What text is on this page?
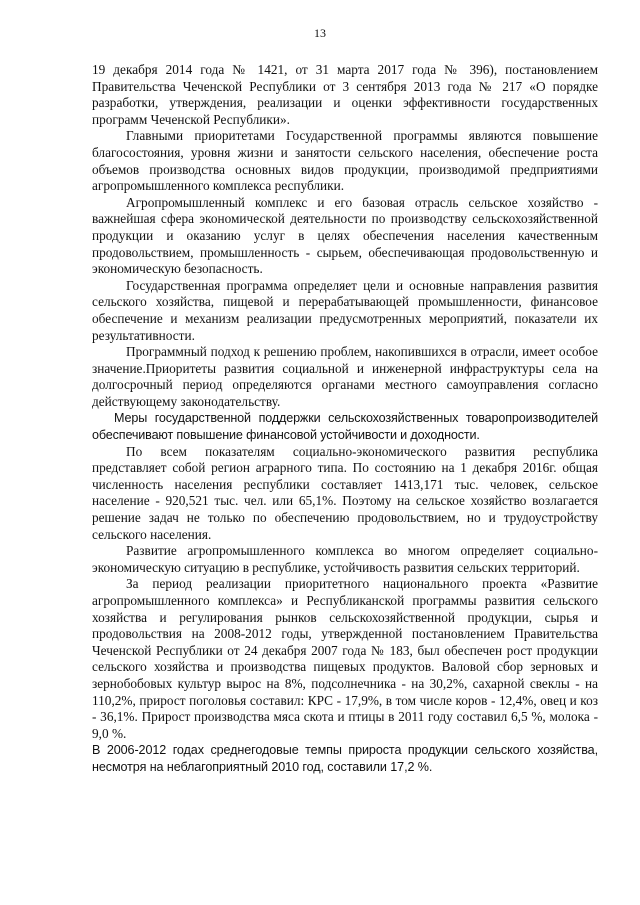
13

19 декабря 2014 года № 1421, от 31 марта 2017 года № 396), постановлением Правительства Чеченской Республики от 3 сентября 2013 года № 217 «О порядке разработки, утверждения, реализации и оценки эффективности государственных программ Чеченской Республики».

Главными приоритетами Государственной программы являются повышение благосостояния, уровня жизни и занятости сельского населения, обеспечение роста объемов производства основных видов продукции, производимой предприятиями агропромышленного комплекса республики.

Агропромышленный комплекс и его базовая отрасль сельское хозяйство - важнейшая сфера экономической деятельности по производству сельскохозяйственной продукции и оказанию услуг в целях обеспечения населения качественным продовольствием, промышленность - сырьем, обеспечивающая продовольственную и экономическую безопасность.

Государственная программа определяет цели и основные направления развития сельского хозяйства, пищевой и перерабатывающей промышленности, финансовое обеспечение и механизм реализации предусмотренных мероприятий, показатели их результативности.

Программный подход к решению проблем, накопившихся в отрасли, имеет особое значение.Приоритеты развития социальной и инженерной инфраструктуры села на долгосрочный период определяются органами местного самоуправления согласно действующему законодательству.

Меры государственной поддержки сельскохозяйственных товаропроизводителей обеспечивают повышение финансовой устойчивости и доходности.

По всем показателям социально-экономического развития республика представляет собой регион аграрного типа. По состоянию на 1 декабря 2016г. общая численность населения республики составляет 1413,171 тыс. человек, сельское население - 920,521 тыс. чел. или 65,1%. Поэтому на сельское хозяйство возлагается решение задач не только по обеспечению продовольствием, но и трудоустройству сельского населения.

Развитие агропромышленного комплекса во многом определяет социально-экономическую ситуацию в республике, устойчивость развития сельских территорий.

За период реализации приоритетного национального проекта «Развитие агропромышленного комплекса» и Республиканской программы развития сельского хозяйства и регулирования рынков сельскохозяйственной продукции, сырья и продовольствия на 2008-2012 годы, утвержденной постановлением Правительства Чеченской Республики от 24 декабря 2007 года № 183, был обеспечен рост продукции сельского хозяйства и производства пищевых продуктов. Валовой сбор зерновых и зернобобовых культур вырос на 8%, подсолнечника - на 30,2%, сахарной свеклы - на 110,2%, прирост поголовья составил: КРС - 17,9%, в том числе коров - 12,4%, овец и коз - 36,1%. Прирост производства мяса скота и птицы в 2011 году составил 6,5 %, молока - 9,0 %.

В 2006-2012 годах среднегодовые темпы прироста продукции сельского хозяйства, несмотря на неблагоприятный 2010 год, составили 17,2 %.
